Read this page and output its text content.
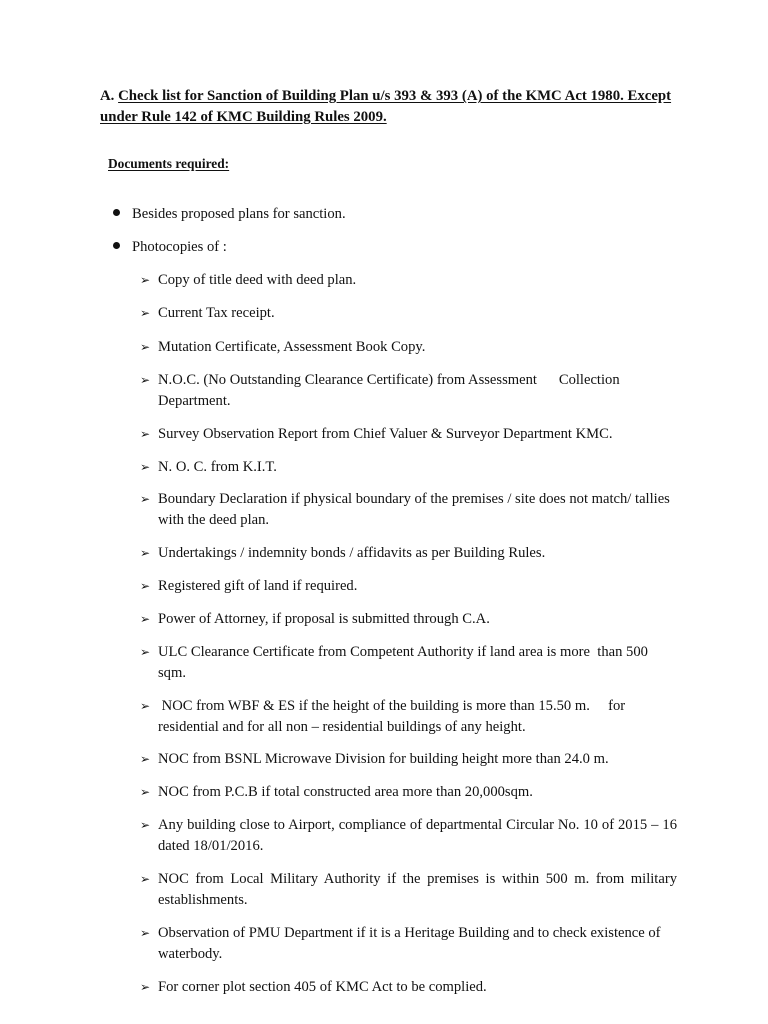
A. Check list for Sanction of Building Plan u/s 393 & 393 (A) of the KMC Act 1980. Except
under Rule 142 of KMC Building Rules 2009.
Documents required:
Besides proposed plans for sanction.
Photocopies of :
➢ Copy of title deed with deed plan.
➢ Current Tax receipt.
➢ Mutation Certificate, Assessment Book Copy.
➢ N.O.C. (No Outstanding Clearance Certificate) from Assessment      Collection Department.
➢ Survey Observation Report from Chief Valuer & Surveyor Department KMC.
➢ N. O. C. from K.I.T.
➢ Boundary Declaration if physical boundary of the premises / site does not match/ tallies with the deed plan.
➢ Undertakings / indemnity bonds / affidavits as per Building Rules.
➢ Registered gift of land if required.
➢ Power of Attorney, if proposal is submitted through C.A.
➢ ULC Clearance Certificate from Competent Authority if land area is more  than 500 sqm.
➢ NOC from WBF & ES if the height of the building is more than 15.50 m.     for residential and for all non – residential buildings of any height.
➢ NOC from BSNL Microwave Division for building height more than 24.0 m.
➢ NOC from P.C.B if total constructed area more than 20,000sqm.
➢ Any building close to Airport, compliance of departmental Circular No. 10 of 2015 – 16 dated 18/01/2016.
➢ NOC from Local Military Authority if the premises is within 500 m. from military establishments.
➢ Observation of PMU Department if it is a Heritage Building and to check existence of waterbody.
➢ For corner plot section 405 of KMC Act to be complied.
